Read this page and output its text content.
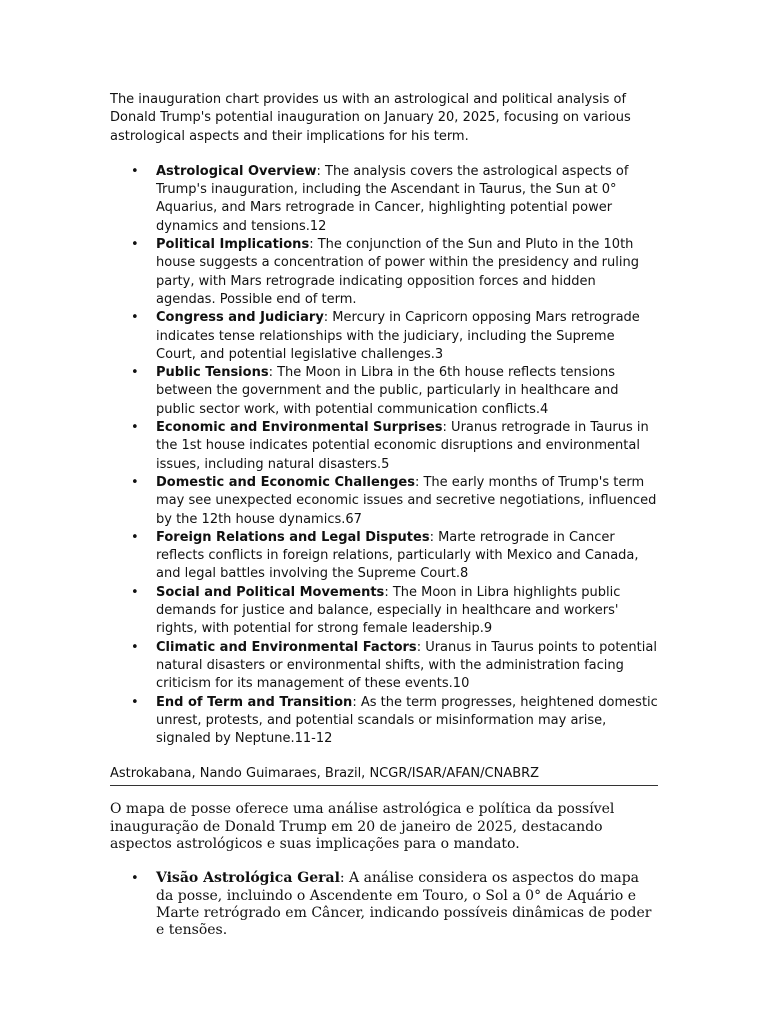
The inauguration chart provides us with an astrological and political analysis of Donald Trump's potential inauguration on January 20, 2025, focusing on various astrological aspects and their implications for his term.

• Astrological Overview: The analysis covers the astrological aspects of Trump's inauguration, including the Ascendant in Taurus, the Sun at 0° Aquarius, and Mars retrograde in Cancer, highlighting potential power dynamics and tensions.12
• Political Implications: The conjunction of the Sun and Pluto in the 10th house suggests a concentration of power within the presidency and ruling party, with Mars retrograde indicating opposition forces and hidden agendas. Possible end of term.
• Congress and Judiciary: Mercury in Capricorn opposing Mars retrograde indicates tense relationships with the judiciary, including the Supreme Court, and potential legislative challenges.3
• Public Tensions: The Moon in Libra in the 6th house reflects tensions between the government and the public, particularly in healthcare and public sector work, with potential communication conflicts.4
• Economic and Environmental Surprises: Uranus retrograde in Taurus in the 1st house indicates potential economic disruptions and environmental issues, including natural disasters.5
• Domestic and Economic Challenges: The early months of Trump's term may see unexpected economic issues and secretive negotiations, influenced by the 12th house dynamics.67
• Foreign Relations and Legal Disputes: Marte retrograde in Cancer reflects conflicts in foreign relations, particularly with Mexico and Canada, and legal battles involving the Supreme Court.8
• Social and Political Movements: The Moon in Libra highlights public demands for justice and balance, especially in healthcare and workers' rights, with potential for strong female leadership.9
• Climatic and Environmental Factors: Uranus in Taurus points to potential natural disasters or environmental shifts, with the administration facing criticism for its management of these events.10
• End of Term and Transition: As the term progresses, heightened domestic unrest, protests, and potential scandals or misinformation may arise, signaled by Neptune.11-12
Astrokabana, Nando Guimaraes, Brazil, NCGR/ISAR/AFAN/CNABRZ

O mapa de posse oferece uma análise astrológica e política da possível inauguração de Donald Trump em 20 de janeiro de 2025, destacando aspectos astrológicos e suas implicações para o mandato.

• Visão Astrológica Geral: A análise considera os aspectos do mapa da posse, incluindo o Ascendente em Touro, o Sol a 0° de Aquário e Marte retrógrado em Câncer, indicando possíveis dinâmicas de poder e tensões.
